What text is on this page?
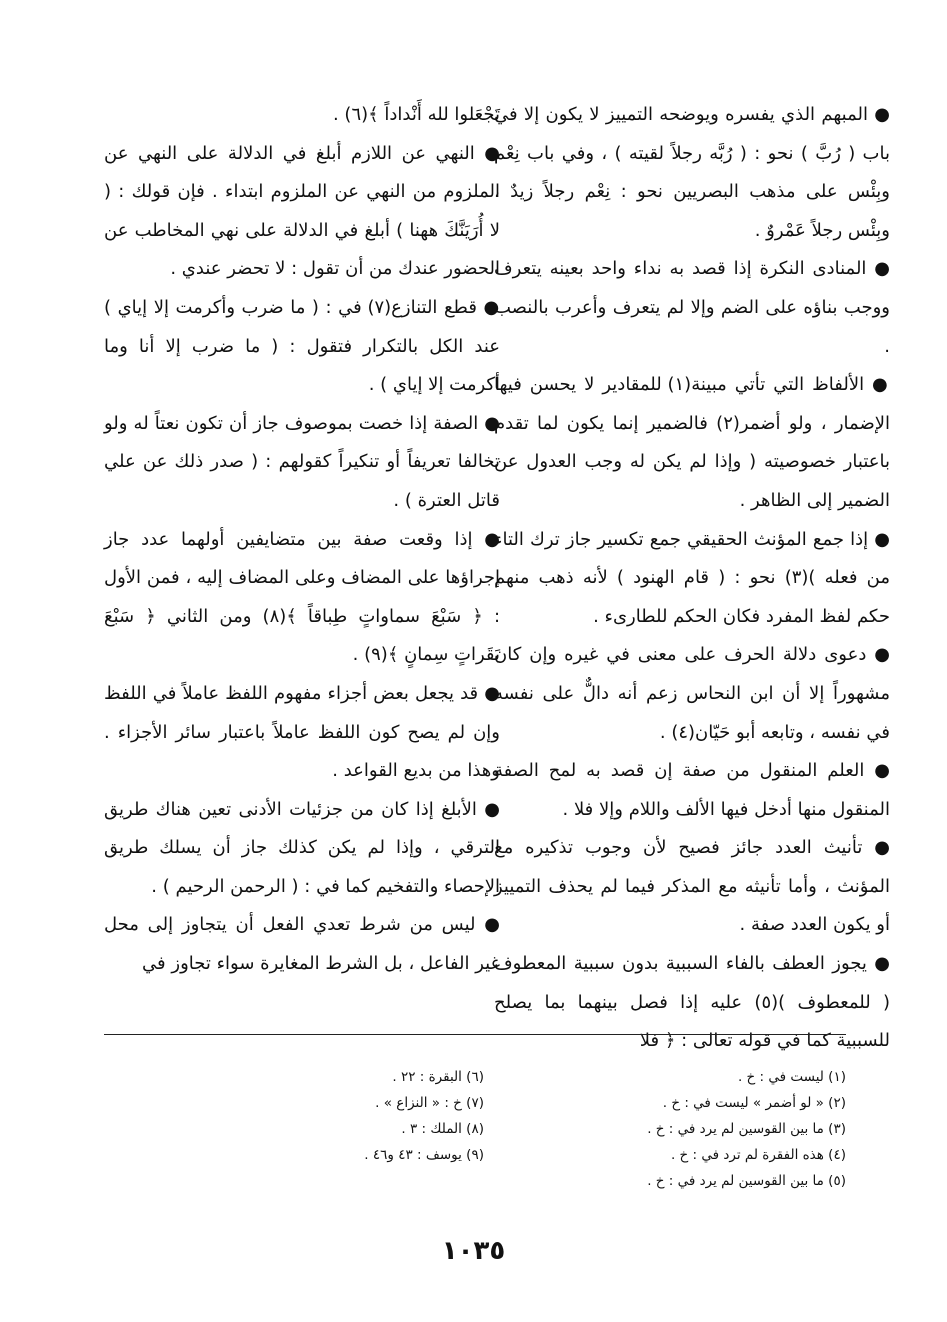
● المبهم الذي يفسره ويوضحه التمييز لا يكون إلا في باب ( رُبَّ ) نحو : ( رُبَّه رجلاً لقيته ) ، وفي باب نِعْم وبِئْس على مذهب البصريين نحو : نِعْم رجلاً زيدٌ ، وبِئْس رجلاً عَمْروٌ .

● المنادى النكرة إذا قصد به نداء واحد بعينه يتعرف ووجب بناؤه على الضم وإلا لم يتعرف وأعرب بالنصب .

● الألفاظ التي تأتي مبينة(١) للمقادير لا يحسن فيها الإضمار ، ولو أضمر(٢) فالضمير إنما يكون لما تقدم باعتبار خصوصيته ( وإذا لم يكن له وجب العدول عن الضمير إلى الظاهر .

● إذا جمع المؤنث الحقيقي جمع تكسير جاز ترك التاء من فعله )(٣) نحو : ( قام الهنود ) لأنه ذهب منهم حكم لفظ المفرد فكان الحكم للطارىء .

● دعوى دلالة الحرف على معنى في غيره وإن كان مشهوراً إلا أن ابن النحاس زعم أنه دالٌّ على نفسه في نفسه ، وتابعه أبو حَيّان(٤) .

● العلم المنقول من صفة إن قصد به لمح الصفة المنقول منها أدخل فيها الألف واللام وإلا فلا .

● تأنيث العدد جائز فصيح لأن وجوب تذكيره مع المؤنث ، وأما تأنيثه مع المذكر فيما لم يحذف التمييز أو يكون العدد صفة .

● يجوز العطف بالفاء السببية بدون سببية المعطوف ( للمعطوف )(٥) عليه إذا فصل بينهما بما يصلح للسببية كما في قوله تعالى : ﴿ فلا

تَجْعَلوا لله أَنْداداً ﴾(٦) .

● النهي عن اللازم أبلغ في الدلالة على النهي عن الملزوم من النهي عن الملزوم ابتداء . فإن قولك : ( لا أُرَيَنَّكَ ههنا ) أبلغ في الدلالة على نهي المخاطب عن الحضور عندك من أن تقول : لا تحضر عندي .

● قطع التنازع(٧) في : ( ما ضرب وأكرمت إلا إياي ) عند الكل بالتكرار فتقول : ( ما ضرب إلا أنا وما أكرمت إلا إياي ) .

● الصفة إذا خصت بموصوف جاز أن تكون نعتاً له ولو تخالفا تعريفاً أو تنكيراً كقولهم : ( صدر ذلك عن علي قاتل العترة ) .

● إذا وقعت صفة بين متضايفين أولهما عدد جاز إجراؤها على المضاف وعلى المضاف إليه ، فمن الأول : ﴿ سَبْعَ سماواتٍ طِباقاً ﴾(٨) ومن الثاني ﴿ سَبْعَ بَقَراتٍ سِمانٍ ﴾(٩) .

● قد يجعل بعض أجزاء مفهوم اللفظ عاملاً في اللفظ وإن لم يصح كون اللفظ عاملاً باعتبار سائر الأجزاء . وهذا من بديع القواعد .

● الأبلغ إذا كان من جزئيات الأدنى تعين هناك طريق الترقي ، وإذا لم يكن كذلك جاز أن يسلك طريق الإحصاء والتفخيم كما في : ( الرحمن الرحيم ) .

● ليس من شرط تعدي الفعل أن يتجاوز إلى محل غير الفاعل ، بل الشرط المغايرة سواء تجاوز في

(١) ليست في : خ .
(٢) « لو أضمر » ليست في : خ .
(٣) ما بين القوسين لم يرد في : خ .
(٤) هذه الفقرة لم ترد في : خ .
(٥) ما بين القوسين لم يرد في : خ .
(٦) البقرة : ٢٢ .
(٧) خ : « النزاع » .
(٨) الملك : ٣ .
(٩) يوسف : ٤٣ و٤٦ .
١٠٣٥
